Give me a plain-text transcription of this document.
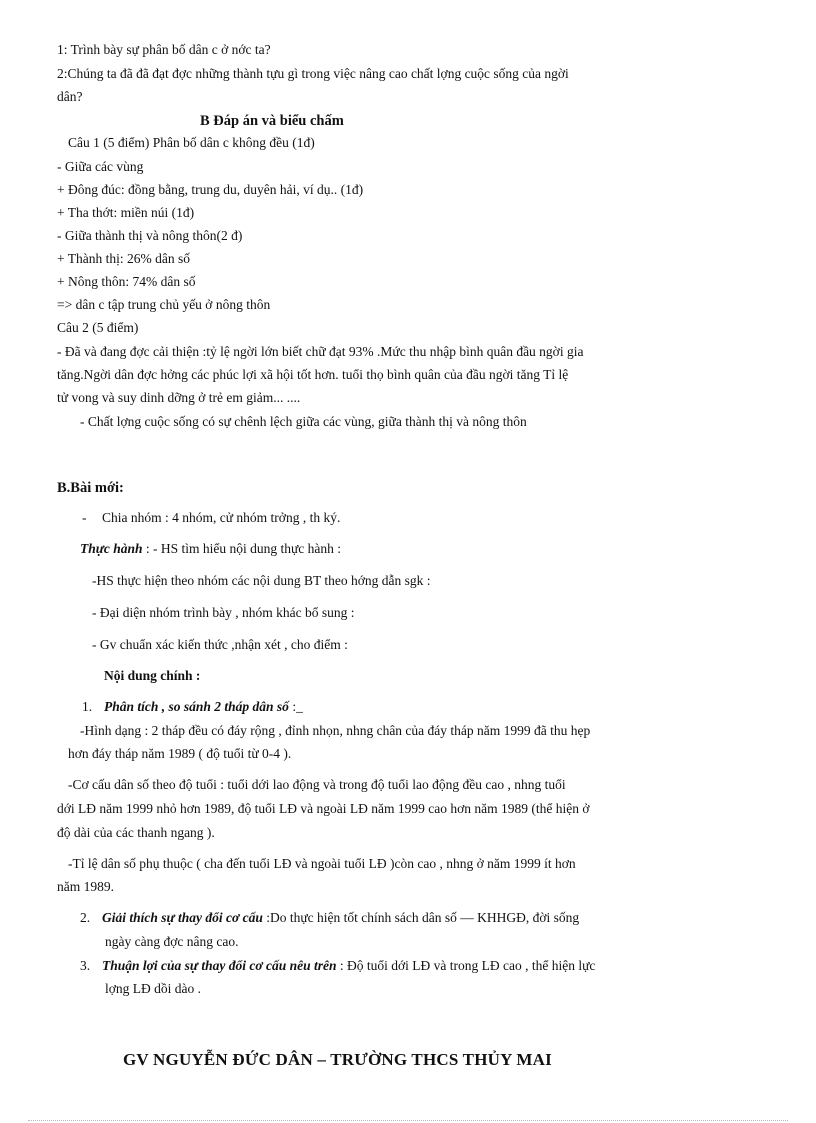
1: Trình bày sự phân bố dân c ở nớc ta?
2:Chúng ta đã đã đạt đợc những thành tựu gì trong việc nâng cao chất lợng cuộc sống của ngời
dân?
B Đáp án và biểu chấm
Câu 1 (5 điểm) Phân bố dân c không đều (1đ)
- Giữa các vùng
+ Đông đúc: đồng bằng, trung du, duyên hải, ví dụ.. (1đ)
+ Tha thớt: miền núi (1đ)
- Giữa thành thị và nông thôn(2 đ)
+ Thành thị: 26% dân số
+ Nông thôn: 74% dân số
=> dân c tập trung chủ yếu ở nông thôn
Câu 2 (5 điểm)
- Đã và đang đợc cải thiện :tỷ lệ ngời lớn biết chữ đạt 93% .Mức thu nhập bình quân đầu ngời gia
tăng.Ngời dân đợc hởng các phúc lợi xã hội tốt hơn. tuổi thọ bình quân của đầu ngời tăng Tỉ lệ
tử vong và suy dinh dỡng ở trẻ em giảm... ....
- Chất lợng cuộc sống có sự chênh lệch giữa các vùng, giữa thành thị và nông thôn
B.Bài mới:
- Chia nhóm : 4 nhóm, cử nhóm trởng , th ký.
Thực hành : - HS tìm hiểu nội dung thực hành :
-HS thực hiện theo nhóm các nội dung BT theo hớng dẫn sgk :
- Đại diện nhóm trình bày , nhóm khác bổ sung :
- Gv chuẩn xác kiến thức ,nhận xét , cho điểm :
Nội dung chính :
1. Phân tích , so sánh 2 tháp dân số :_
-Hình dạng : 2 tháp đều có đáy rộng , đỉnh nhọn, nhng chân của đáy tháp năm 1999 đã thu hẹp
hơn đáy tháp năm 1989 ( độ tuổi từ 0-4 ).
-Cơ cấu dân số theo độ tuổi : tuổi dới lao động và trong độ tuổi lao động đều cao , nhng tuổi
dới LĐ năm 1999 nhỏ hơn 1989, độ tuổi LĐ và ngoài LĐ năm 1999 cao hơn năm 1989 (thể hiện ở
độ dài của các thanh ngang ).
-Tỉ lệ dân số phụ thuộc ( cha đến tuổi LĐ và ngoài tuổi LĐ )còn cao , nhng ở năm 1999 ít hơn
năm 1989.
2. Giải thích sự thay đổi cơ cấu :Do thực hiện tốt chính sách dân số — KHHGĐ, đời sống
ngày càng đợc nâng cao.
3. Thuận lợi của sự thay đổi cơ cấu nêu trên : Độ tuổi dới LĐ và trong LĐ cao , thể hiện lực
lợng LĐ dồi dào .
GV NGUYỄN ĐỨC DÂN – TRƯỜNG THCS THỦY MAI
